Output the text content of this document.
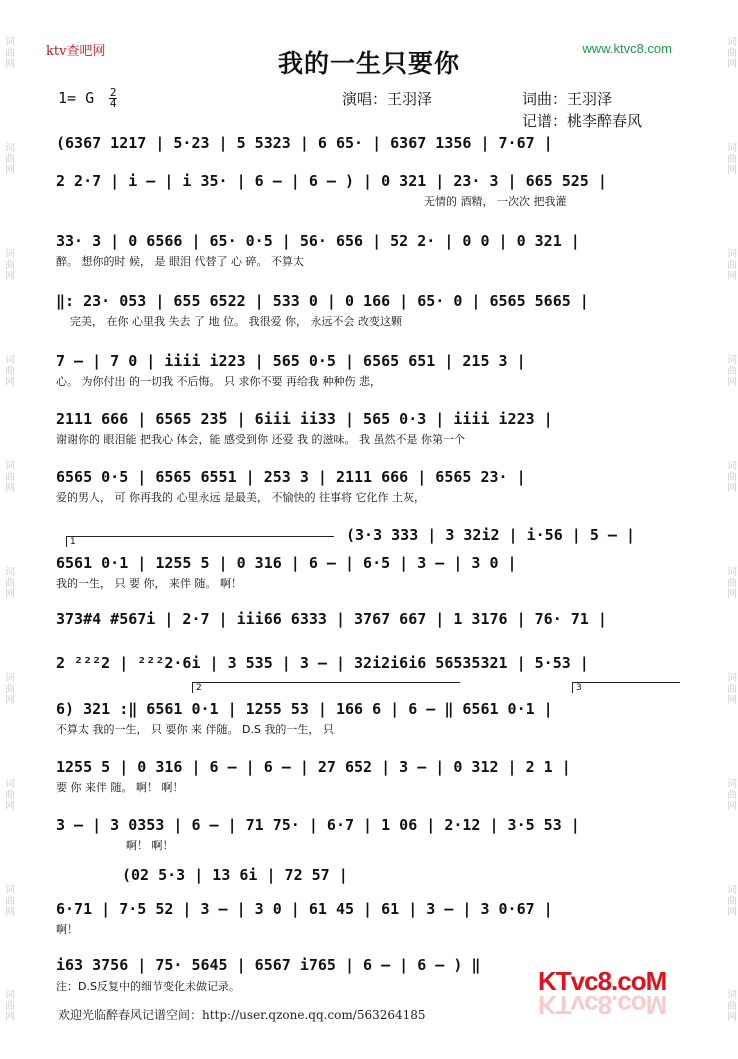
词曲网
词曲网
词曲网
词曲网
词曲网
词曲网
词曲网
词曲网
词曲网
词曲网
词曲网
词曲网
词曲网
词曲网
词曲网
词曲网
词曲网
词曲网
词曲网
词曲网
ktv查吧网	www.ktvc8.com
我的一生只要你
1= G $\frac{2}{4}$	演唱：王羽泽	词曲：王羽泽
记谱：桃李醉春风
(3·3 333 | 3 32i2 | i·56 | 5 – |
(02 5·3 | 13 6i | 72 57 |
(6367 1217 | 5·23 | 5 5323 | 6 65· | 6367 1356 | 7·67 |
2 2·7 | i – | i 35· | 6 – | 6 – ) | 0 321 | 23· 3 | 665 525 |
无情的 酒精， 一次次 把我灌
33· 3 | 0 6566 | 65· 0·5 | 56· 656 | 52 2· | 0 0 | 0 321 |
醉。 想你的时 候， 是 眼泪 代替了 心 碎。 不算太
‖: 23· 053 | 655 6522 | 533 0 | 0 166 | 65· 0 | 6565 5665 |
完美， 在你 心里我 失去 了 地 位。 我很爱 你， 永远不会 改变这颗
7 – | 7 0 | iiii i223 | 565 0·5 | 6565 651 | 215 3 |
心。 为你付出 的一切我 不后悔。 只 求你不要 再给我 种种伤 悲，
2111 666 | 6565 23̌5 | 6iii ii33 | 565 0·3 | iiii i223 |
谢谢你的 眼泪能 把我心 体会，能 感受到你 还爱 我 的滋味。 我 虽然不是 你第一个
6565 0·5 | 6565 6551 | 253 3 | 2111 666 | 6565 23· |
爱的男人， 可 你再我的 心里永远 是最美， 不愉快的 往事将 它化作 土灰，
1
6561 0·1 | 1255 5 | 0 316 | 6 – | 6·5 | 3 – | 3 0 |
我的一生， 只 要 你， 来伴 随。 啊！
373#4 #567i | 2·7 | iii66 6333 | 3767 667 | 1 3176 | 76· 71 |
2 ²²²2 | ²²²2·6i | 3 535 | 3 – | 32i2i6i6 56535321 | 5·53 |
2	3
6) 321 :‖ 6561 0·1 | 1255 53 | 166 6 | 6 – ‖ 6561 0·1 |
不算太 我的一生， 只 要你 来 伴随。 D.S 我的一生， 只
1255 5 | 0 316 | 6 – | 6 – | 27 652 | 3 – | 0 312 | 2 1 |
要 你 来伴 随。 啊！ 啊！
3 – | 3 0353 | 6 – | 71 75· | 6·7 | 1 06 | 2·12 | 3·5 53 |
啊！ 啊！
6·71 | 7·5 52 | 3 – | 3 0 | 61 45 | 61 | 3 – | 3 0·67 |
啊！
i63 3756 | 75· 5645 | 6567 i765 | 6 – | 6 – ) ‖
注：D.S反复中的细节变化未做记录。
欢迎光临醉春风记谱空间：http://user.qzone.qq.com/563264185
KTvc8.coM
KTvc8.coM
